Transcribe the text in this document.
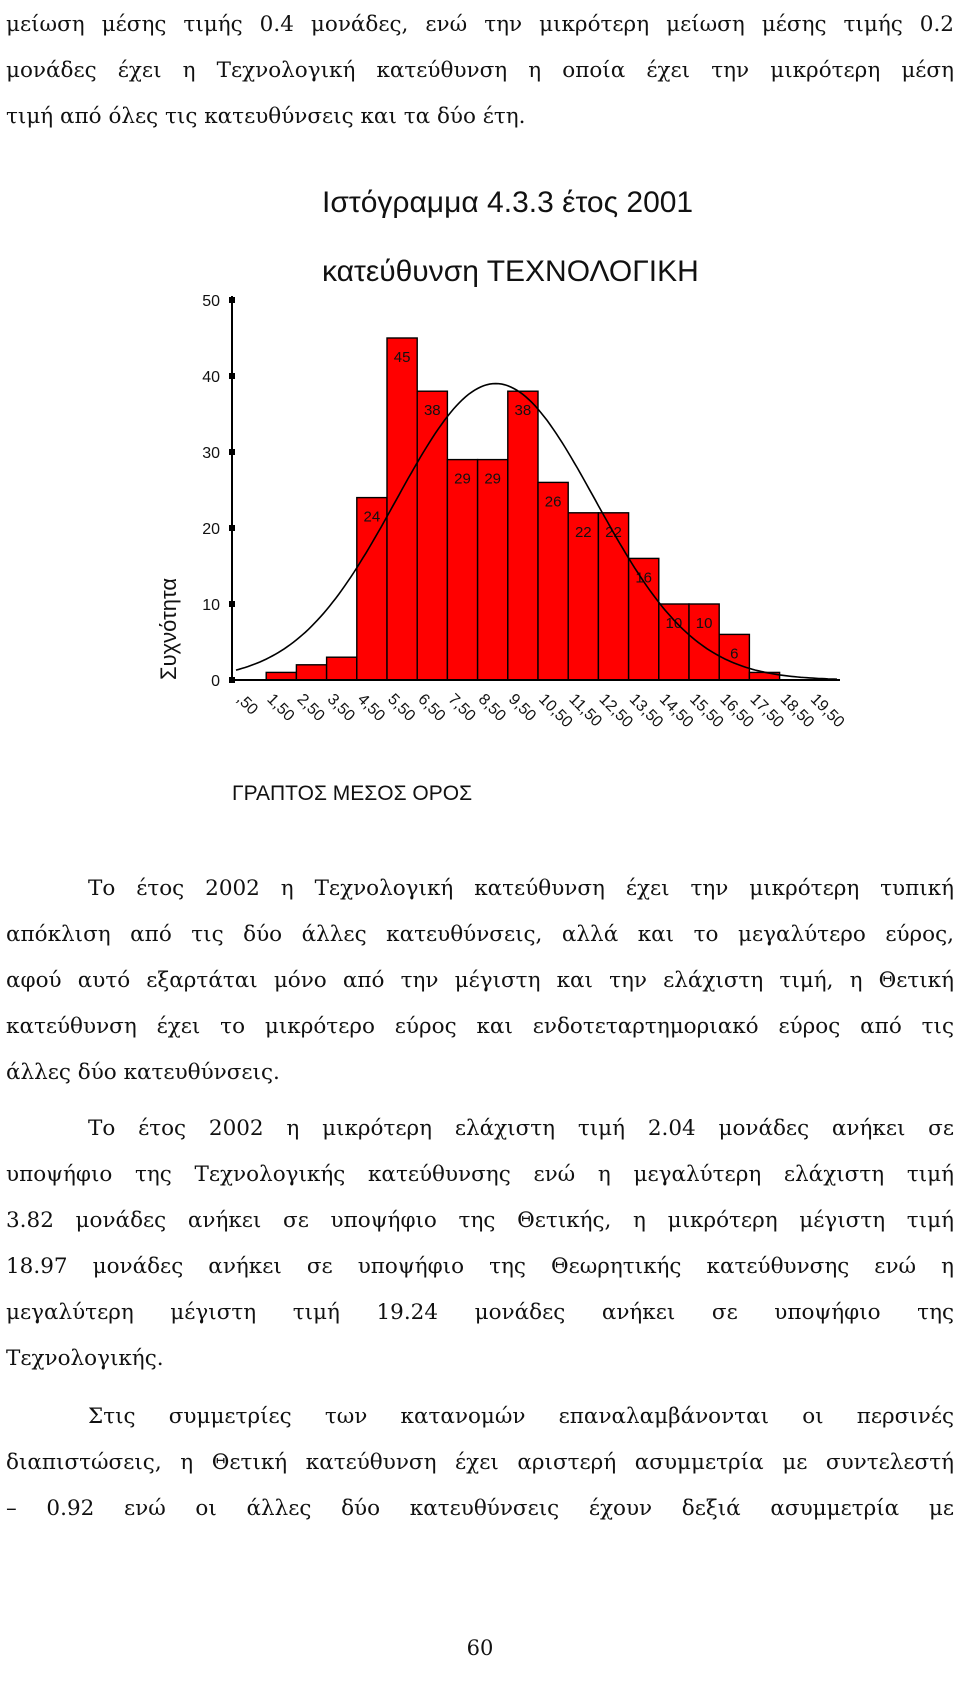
μείωση μέσης τιμής 0.4 μονάδες, ενώ την μικρότερη μείωση μέσης τιμής 0.2
μονάδες έχει η Τεχνολογική κατεύθυνση η οποία έχει την μικρότερη μέση
τιμή από όλες τις κατευθύνσεις και τα δύο έτη.
Ιστόγραμμα 4.3.3 έτος 2001
κατεύθυνση ΤΕΧΝΟΛΟΓΙΚΗ
24
45
38
29 29
38
26
22 22
16
10 10
6
0
10
20
30
40
50
,50 1,50
2,50
3,50
4,50
5,50
6,50
7,50
8,50
9,50
10,50
11,50
12,50
13,50
14,50
15,50
16,50
17,50
18,50
19,50
Συχνότητα
ΓΡΑΠΤΟΣ ΜΕΣΟΣ ΟΡΟΣ
Το έτος 2002 η Τεχνολογική κατεύθυνση έχει την μικρότερη τυπική
απόκλιση από τις δύο άλλες κατευθύνσεις, αλλά και το μεγαλύτερο εύρος,
αφού αυτό εξαρτάται μόνο από την μέγιστη και την ελάχιστη τιμή, η Θετική
κατεύθυνση έχει το μικρότερο εύρος και ενδοτεταρτημοριακό εύρος από τις
άλλες δύο κατευθύνσεις.
Το έτος 2002 η μικρότερη ελάχιστη τιμή 2.04 μονάδες ανήκει σε
υποψήφιο της Τεχνολογικής κατεύθυνσης ενώ η μεγαλύτερη ελάχιστη τιμή
3.82 μονάδες ανήκει σε υποψήφιο της Θετικής, η μικρότερη μέγιστη τιμή
18.97 μονάδες ανήκει σε υποψήφιο της Θεωρητικής κατεύθυνσης ενώ η
μεγαλύτερη μέγιστη τιμή 19.24 μονάδες ανήκει σε υποψήφιο της
Τεχνολογικής.
Στις συμμετρίες των κατανομών επαναλαμβάνονται οι περσινές
διαπιστώσεις, η Θετική κατεύθυνση έχει αριστερή ασυμμετρία με συντελεστή
– 0.92 ενώ οι άλλες δύο κατευθύνσεις έχουν δεξιά ασυμμετρία με
60
